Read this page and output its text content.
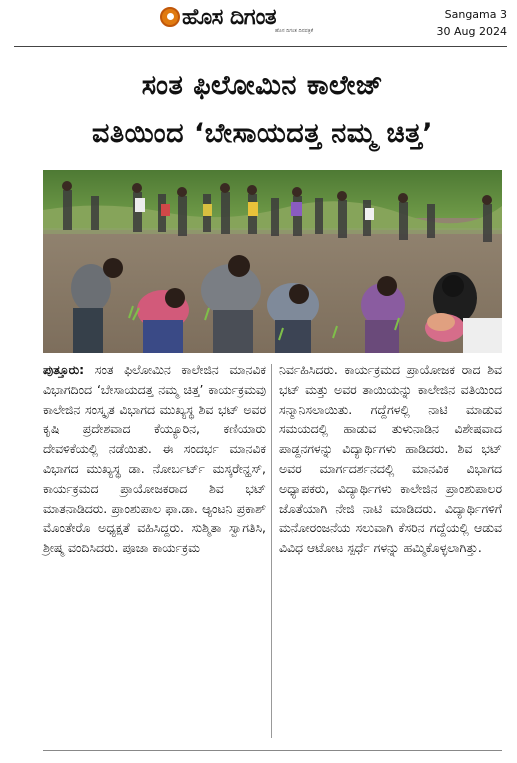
ಹೊಸ ದಿಗಂತ
ಹೊಸ ದಿಗಂತ ದಿನಪತ್ರಿಕೆ
Sangama 3
30 Aug 2024
ಸಂತ ಫಿಲೋಮಿನ ಕಾಲೇಜ್
ವತಿಯಿಂದ ‘ಬೇಸಾಯದತ್ತ ನಮ್ಮ ಚಿತ್ತ’

ಪುತ್ತೂರು: ಸಂತ ಫಿಲೋಮಿನ ಕಾಲೇಜಿನ ಮಾನವಿಕ ವಿಭಾಗದಿಂದ ‘ಬೇಸಾಯದತ್ತ ನಮ್ಮ ಚಿತ್ತ’ ಕಾರ್ಯಕ್ರಮವು ಕಾಲೇಜಿನ ಸಂಸ್ಕೃತ ವಿಭಾಗದ ಮುಖ್ಯಸ್ಥ ಶಿವ ಭಟ್ ಅವರ ಕೃಷಿ ಪ್ರದೇಶವಾದ ಕೆಯ್ಯೂರಿನ, ಕಣಿಯಾರು ದೇವಳಿಕೆಯಲ್ಲಿ ನಡೆಯಿತು. ಈ ಸಂದರ್ಭ ಮಾನವಿಕ ವಿಭಾಗದ ಮುಖ್ಯಸ್ಥ ಡಾ. ನೋರ್ಬರ್ಟ್ ಮಸ್ಕರೇನ್ಹಸ್, ಕಾರ್ಯಕ್ರಮದ ಪ್ರಾಯೋಜಕರಾದ ಶಿವ ಭಟ್ ಮಾತನಾಡಿದರು. ಪ್ರಾಂಶುಪಾಲ ಫಾ.ಡಾ. ಆ್ಯಂಟನಿ ಪ್ರಕಾಶ್ ಮೊಂತೇರೊ ಅಧ್ಯಕ್ಷತೆ ವಹಿಸಿದ್ದರು. ಸುಶ್ಮಿತಾ ಸ್ವಾಗತಿಸಿ, ಶ್ರೀಷ್ಮ ವಂದಿಸಿದರು. ಪೂಜಾ ಕಾರ್ಯಕ್ರಮ

ನಿರ್ವಹಿಸಿದರು. ಕಾರ್ಯಕ್ರಮದ ಪ್ರಾಯೋಜಕ ರಾದ ಶಿವ ಭಟ್ ಮತ್ತು ಅವರ ತಾಯಿಯನ್ನು ಕಾಲೇಜಿನ ವತಿಯಿಂದ ಸನ್ಮಾನಿಸಲಾಯಿತು. ಗದ್ದೆಗಳಲ್ಲಿ ನಾಟಿ ಮಾಡುವ ಸಮಯದಲ್ಲಿ ಹಾಡುವ ತುಳುನಾಡಿನ ವಿಶೇಷವಾದ ಪಾಡ್ದನಗಳನ್ನು ವಿದ್ಯಾರ್ಥಿಗಳು ಹಾಡಿದರು. ಶಿವ ಭಟ್ ಅವರ ಮಾರ್ಗದರ್ಶನದಲ್ಲಿ ಮಾನವಿಕ ವಿಭಾಗದ ಅಧ್ಯಾಪಕರು, ವಿದ್ಯಾರ್ಥಿಗಳು ಕಾಲೇಜಿನ ಪ್ರಾಂಶುಪಾಲರ ಜೊತೆಯಾಗಿ ನೇಜಿ ನಾಟಿ ಮಾಡಿದರು. ವಿದ್ಯಾರ್ಥಿಗಳಿಗೆ ಮನೋರಂಜನೆಯ ಸಲುವಾಗಿ ಕೆಸರಿನ ಗದ್ದೆಯಲ್ಲಿ ಆಡುವ ವಿವಿಧ ಆಟೋಟ ಸ್ಪರ್ಧೆ ಗಳನ್ನು ಹಮ್ಮಿಕೊಳ್ಳಲಾಗಿತ್ತು.
